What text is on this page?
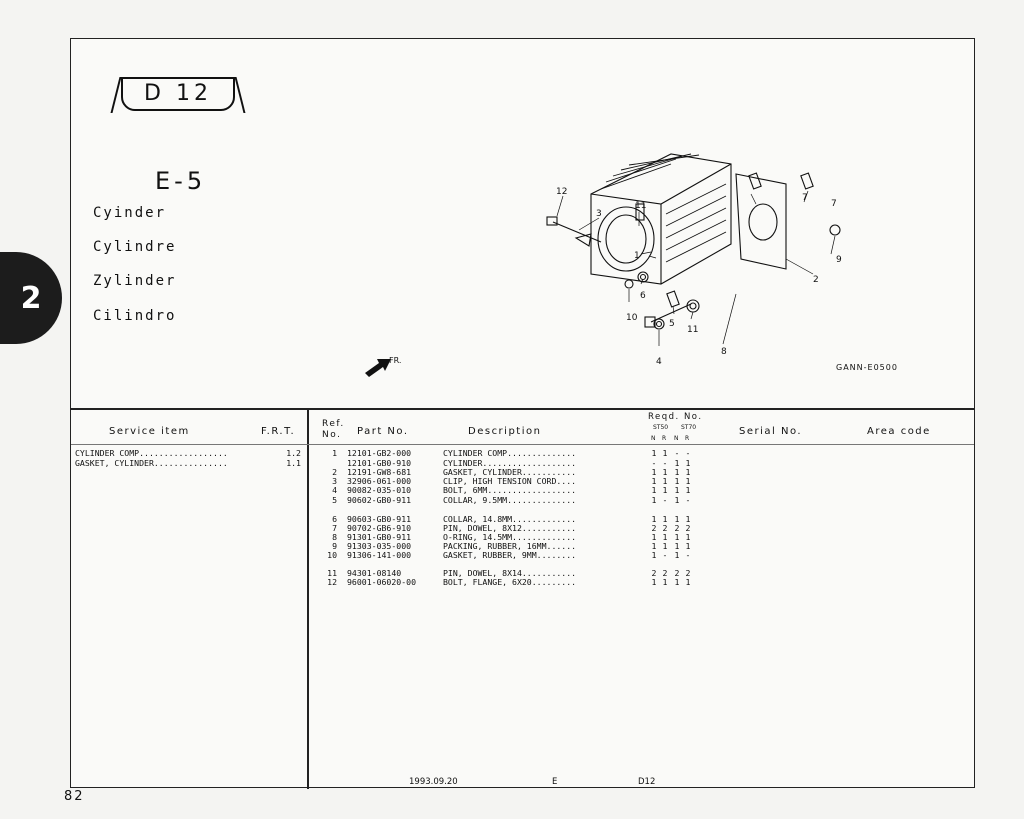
2
82
D 12
E-5
Cyinder
Cylindre
Zylinder
Cilindro
12
3
11
1
7
7
9
2
10
6
5
11
8
4
FR.
GANN-E0500
Service item	F.R.T.
Ref.
No.	Part No.	Description
Reqd. No.
ST50 ST70
N R N R
Serial No.	Area code
CYLINDER COMP..................	1.2
GASKET, CYLINDER...............	1.1
1 12101-GB2-000	CYLINDER COMP..............	1 1 - -
12101-GB0-910	CYLINDER...................	- - 1 1
2 12191-GW8-681	GASKET, CYLINDER...........	1 1 1 1
3 32906-061-000	CLIP, HIGH TENSION CORD....	1 1 1 1
4 90082-035-010	BOLT, 6MM..................	1 1 1 1
5 90602-GB0-911	COLLAR, 9.5MM..............	1 - 1 -
6 90603-GB0-911	COLLAR, 14.8MM.............	1 1 1 1
7 90702-GB6-910	PIN, DOWEL, 8X12...........	2 2 2 2
8 91301-GB0-911	O-RING, 14.5MM.............	1 1 1 1
9 91303-035-000	PACKING, RUBBER, 16MM......	1 1 1 1
10 91306-141-000	GASKET, RUBBER, 9MM........	1 - 1 -
11 94301-08140	PIN, DOWEL, 8X14...........	2 2 2 2
12 96001-06020-00	BOLT, FLANGE, 6X20.........	1 1 1 1
1993.09.20	E	D12
